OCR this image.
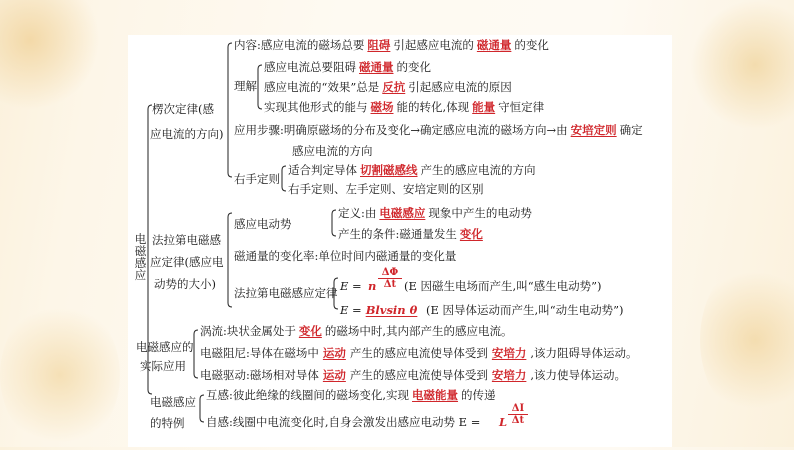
电磁感应
楞次定律(感
应电流的方向)
内容:感应电流的磁场总要 阻碍 引起感应电流的 磁通量 的变化
理解
感应电流总要阻碍 磁通量 的变化
感应电流的“效果”总是 反抗 引起感应电流的原因
实现其他形式的能与 磁场 能的转化,体现 能量 守恒定律
应用步骤:明确原磁场的分布及变化→确定感应电流的磁场方向→由 安培定则 确定
感应电流的方向
右手定则
适合判定导体 切割磁感线 产生的感应电流的方向
右手定则、左手定则、安培定则的区别
法拉第电磁感
应定律(感应电
动势的大小)
感应电动势
定义:由 电磁感应 现象中产生的电动势
产生的条件:磁通量发生 变化
磁通量的变化率:单位时间内磁通量的变化量
法拉第电磁感应定律 E = n $\frac{\Delta\Phi}{\Delta t} (E$ 因磁生电场而产生,叫“感生电动势”)
E = Blvsin θ (E 因导体运动而产生,叫“动生电动势”)
电磁感应的
实际应用
涡流:块状金属处于 变化 的磁场中时,其内部产生的感应电流。
电磁阻尼:导体在磁场中 运动 产生的感应电流使导体受到 安培力 ,该力阻碍导体运动。
电磁驱动:磁场相对导体 运动 产生的感应电流使导体受到 安培力 ,该力使导体运动。
电磁感应
的特例
互感:彼此绝缘的线圈间的磁场变化,实现 电磁能量 的传递
自感:线圈中电流变化时,自身会激发出感应电动势 E = L $\frac{\Delta I}{\Delta t}$
